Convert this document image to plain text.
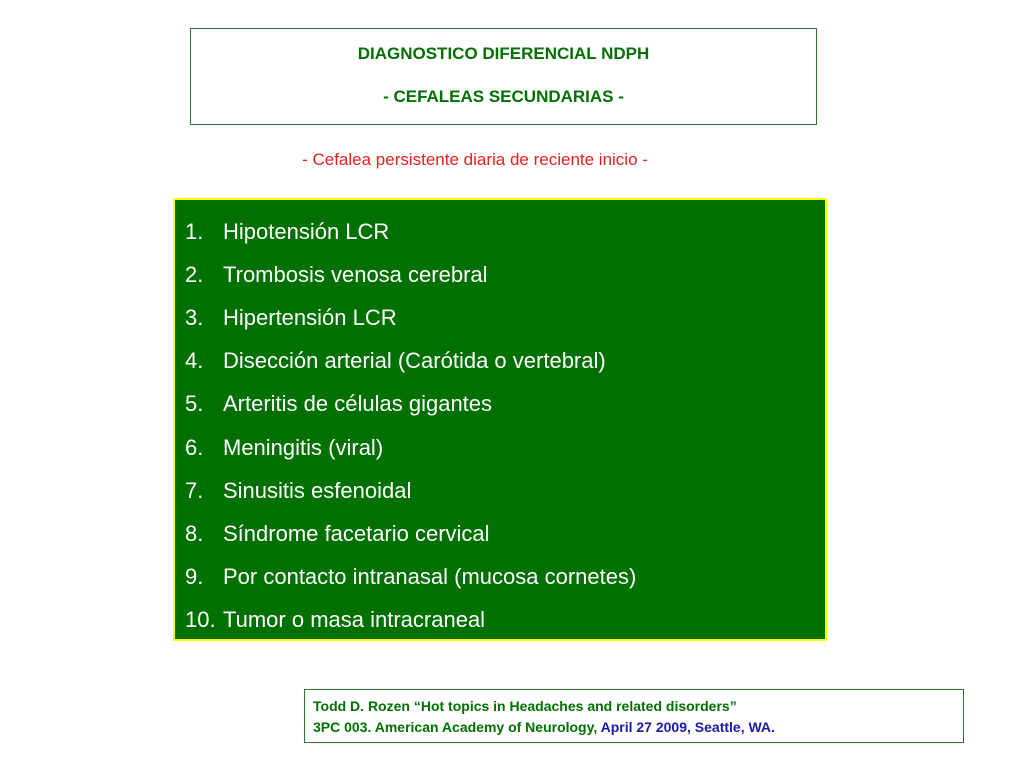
DIAGNOSTICO DIFERENCIAL NDPH
- CEFALEAS SECUNDARIAS -
- Cefalea persistente diaria de reciente inicio -
1. Hipotensión LCR
2. Trombosis venosa cerebral
3. Hipertensión LCR
4. Disección arterial (Carótida o vertebral)
5. Arteritis de células gigantes
6. Meningitis (viral)
7. Sinusitis esfenoidal
8. Síndrome facetario cervical
9. Por contacto intranasal (mucosa cornetes)
10. Tumor o masa intracraneal
Todd D. Rozen “Hot topics in Headaches and related disorders”
3PC 003. American Academy of Neurology, April 27 2009, Seattle, WA.
